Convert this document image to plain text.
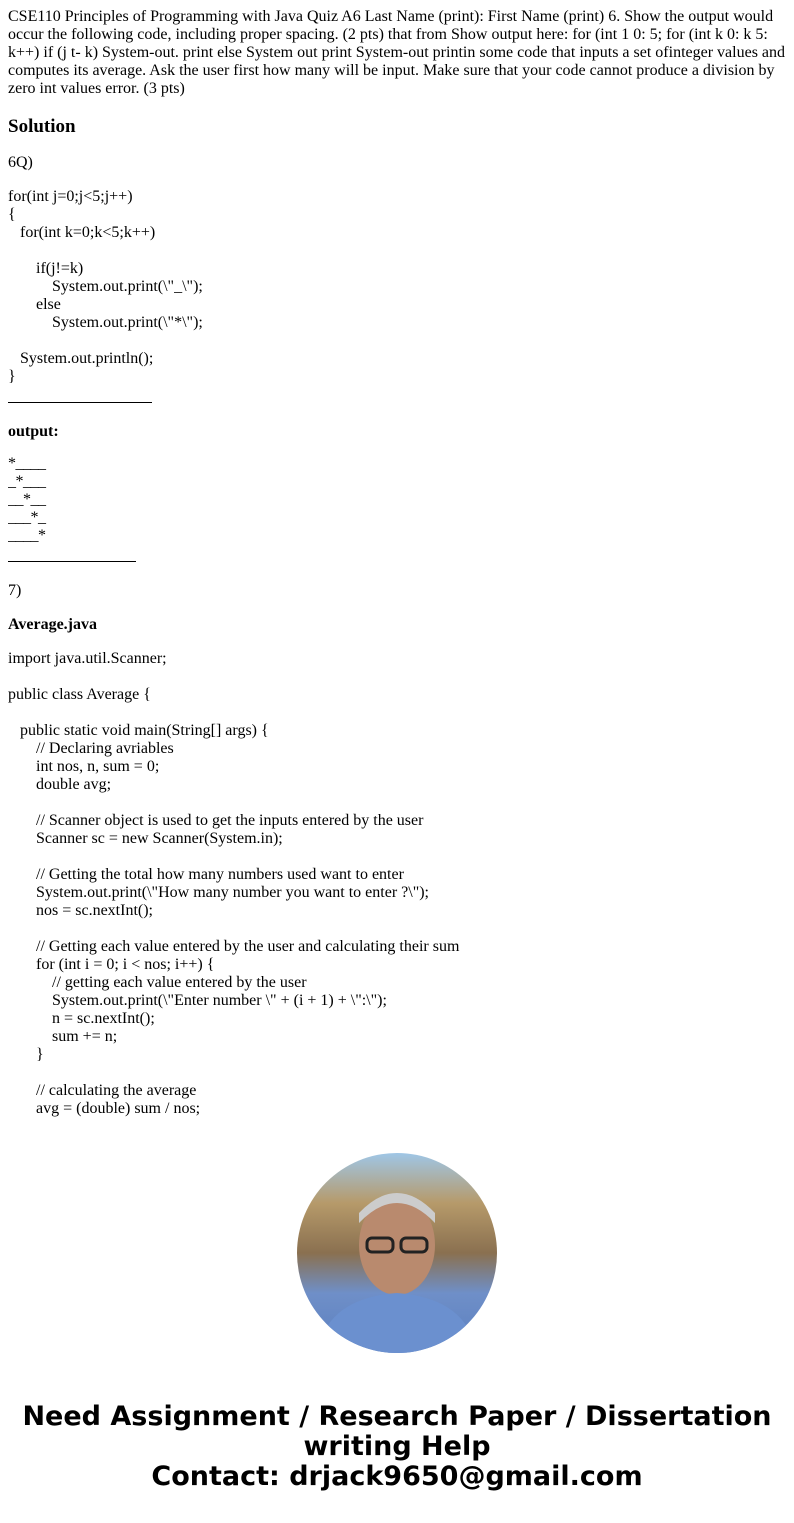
CSE110 Principles of Programming with Java Quiz A6 Last Name (print): First Name (print) 6. Show the output would occur the following code, including proper spacing. (2 pts) that from Show output here: for (int 1 0: 5; for (int k 0: k 5: k++) if (j t- k) System-out. print else System out print System-out printin some code that inputs a set ofinteger values and computes its average. Ask the user first how many will be input. Make sure that your code cannot produce a division by zero int values error. (3 pts)

Solution

6Q)

for(int j=0;j<5;j++)
{
for(int k=0;k<5;k++)
if(j!=k)
System.out.print(\"_\");
else
System.out.print(\"*\");
System.out.println();
}
output:
*____
_*___
__*__
___*_
____*

7)

Average.java
import java.util.Scanner;
public class Average {
public static void main(String[] args) {
// Declaring avriables
int nos, n, sum = 0;
double avg;
// Scanner object is used to get the inputs entered by the user
Scanner sc = new Scanner(System.in);
// Getting the total how many numbers used want to enter
System.out.print(\"How many number you want to enter ?\");
nos = sc.nextInt();
// Getting each value entered by the user and calculating their sum
for (int i = 0; i < nos; i++) {
// getting each value entered by the user
System.out.print(\"Enter number \" + (i + 1) + \":\");
n = sc.nextInt();
sum += n;
}
// calculating the average
avg = (double) sum / nos;
Need Assignment / Research Paper / Dissertation
writing Help
Contact: drjack9650@gmail.com
